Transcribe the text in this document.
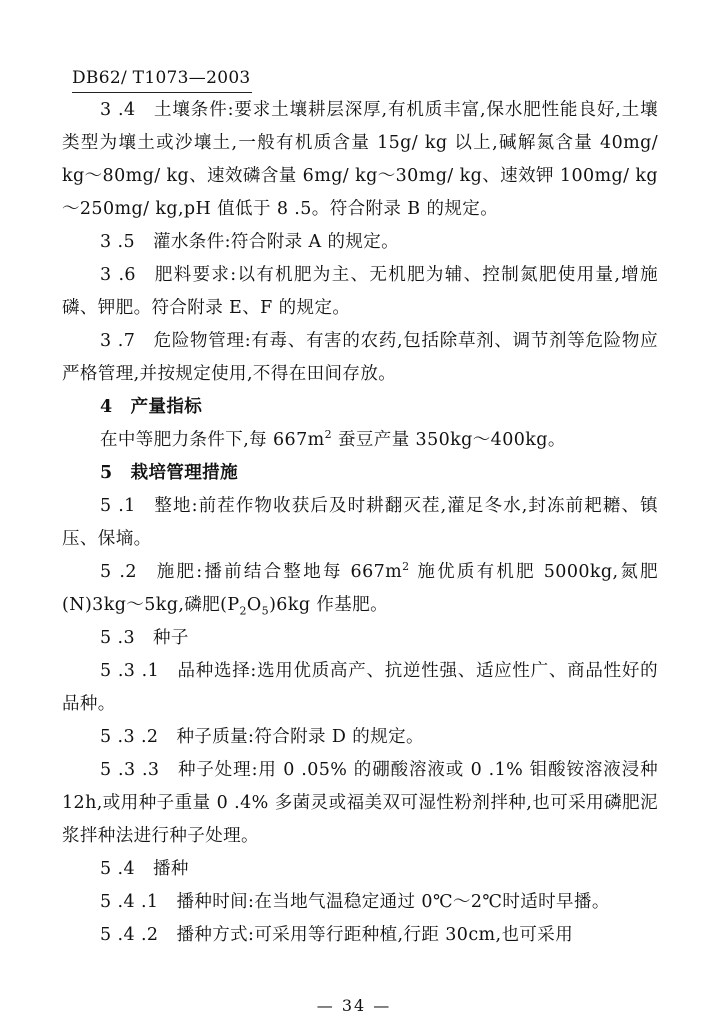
DB62/ T1073—2003

3 .4 土壤条件:要求土壤耕层深厚,有机质丰富,保水肥性能良好,土壤类型为壤土或沙壤土,一般有机质含量 15g/ kg 以上,碱解氮含量 40mg/ kg～80mg/ kg、速效磷含量 6mg/ kg～30mg/ kg、速效钾 100mg/ kg～250mg/ kg,pH 值低于 8 .5。符合附录 B 的规定。

3 .5 灌水条件:符合附录 A 的规定。

3 .6 肥料要求:以有机肥为主、无机肥为辅、控制氮肥使用量,增施磷、钾肥。符合附录 E、F 的规定。

3 .7 危险物管理:有毒、有害的农药,包括除草剂、调节剂等危险物应严格管理,并按规定使用,不得在田间存放。

4 产量指标

在中等肥力条件下,每 $667m^2$ 蚕豆产量 350kg～400kg。

5 栽培管理措施

5 .1 整地:前茬作物收获后及时耕翻灭茬,灌足冬水,封冻前耙耱、镇压、保墒。

5 .2 施肥:播前结合整地每 $667m^2$ 施优质有机肥 5000kg,氮肥(N)3kg～5kg,磷肥$(P_2O_5)6kg$ 作基肥。

5 .3 种子

5 .3 .1 品种选择:选用优质高产、抗逆性强、适应性广、商品性好的品种。

5 .3 .2 种子质量:符合附录 D 的规定。

5 .3 .3 种子处理:用 0 .05% 的硼酸溶液或 0 .1% 钼酸铵溶液浸种 12h,或用种子重量 0 .4% 多菌灵或福美双可湿性粉剂拌种,也可采用磷肥泥浆拌种法进行种子处理。

5 .4 播种

5 .4 .1 播种时间:在当地气温稳定通过 0℃～2℃时适时早播。

5 .4 .2 播种方式:可采用等行距种植,行距 30cm,也可采用

— 34 —
